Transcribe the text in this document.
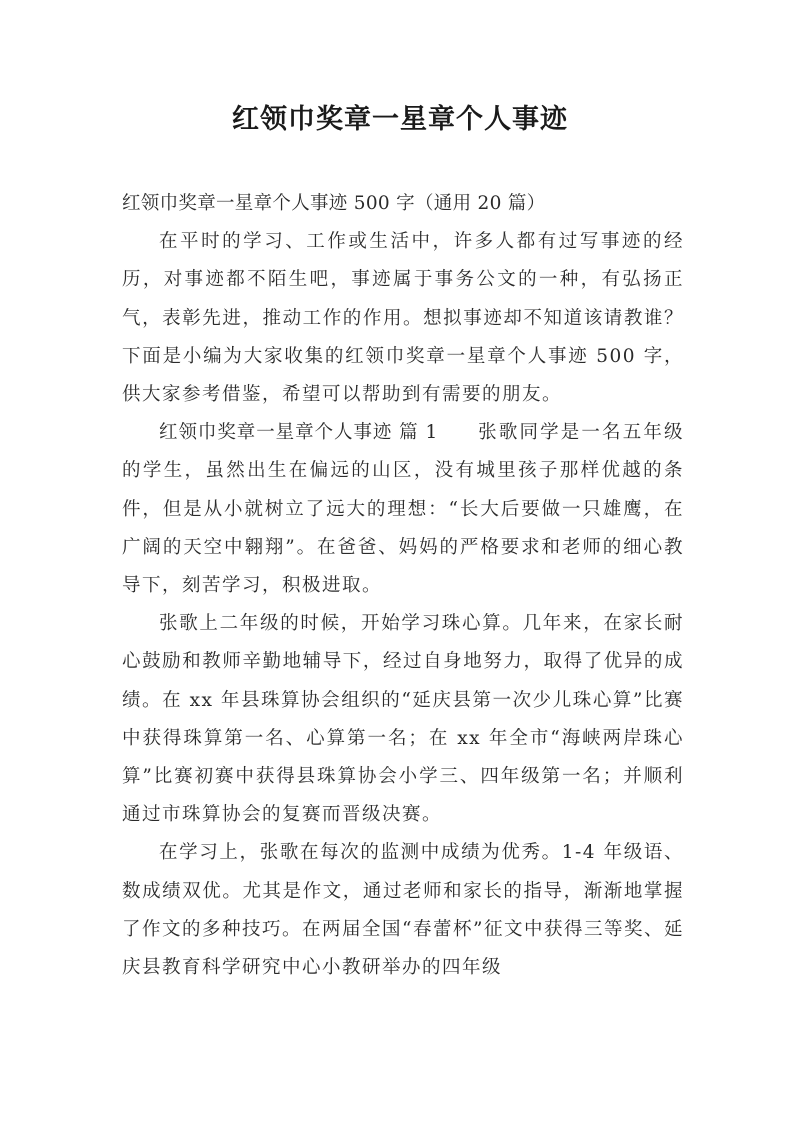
红领巾奖章一星章个人事迹

红领巾奖章一星章个人事迹 500 字（通用 20 篇）

在平时的学习、工作或生活中，许多人都有过写事迹的经历，对事迹都不陌生吧，事迹属于事务公文的一种，有弘扬正气，表彰先进，推动工作的作用。想拟事迹却不知道该请教谁？下面是小编为大家收集的红领巾奖章一星章个人事迹 500 字，供大家参考借鉴，希望可以帮助到有需要的朋友。

红领巾奖章一星章个人事迹 篇 1 张歌同学是一名五年级的学生，虽然出生在偏远的山区，没有城里孩子那样优越的条件，但是从小就树立了远大的理想：“长大后要做一只雄鹰，在广阔的天空中翱翔”。在爸爸、妈妈的严格要求和老师的细心教导下，刻苦学习，积极进取。

张歌上二年级的时候，开始学习珠心算。几年来，在家长耐心鼓励和教师辛勤地辅导下，经过自身地努力，取得了优异的成绩。在 xx 年县珠算协会组织的“延庆县第一次少儿珠心算”比赛中获得珠算第一名、心算第一名；在 xx 年全市“海峡两岸珠心算”比赛初赛中获得县珠算协会小学三、四年级第一名；并顺利通过市珠算协会的复赛而晋级决赛。

在学习上，张歌在每次的监测中成绩为优秀。1-4 年级语、数成绩双优。尤其是作文，通过老师和家长的指导，渐渐地掌握了作文的多种技巧。在两届全国“春蕾杯”征文中获得三等奖、延庆县教育科学研究中心小教研举办的四年级
